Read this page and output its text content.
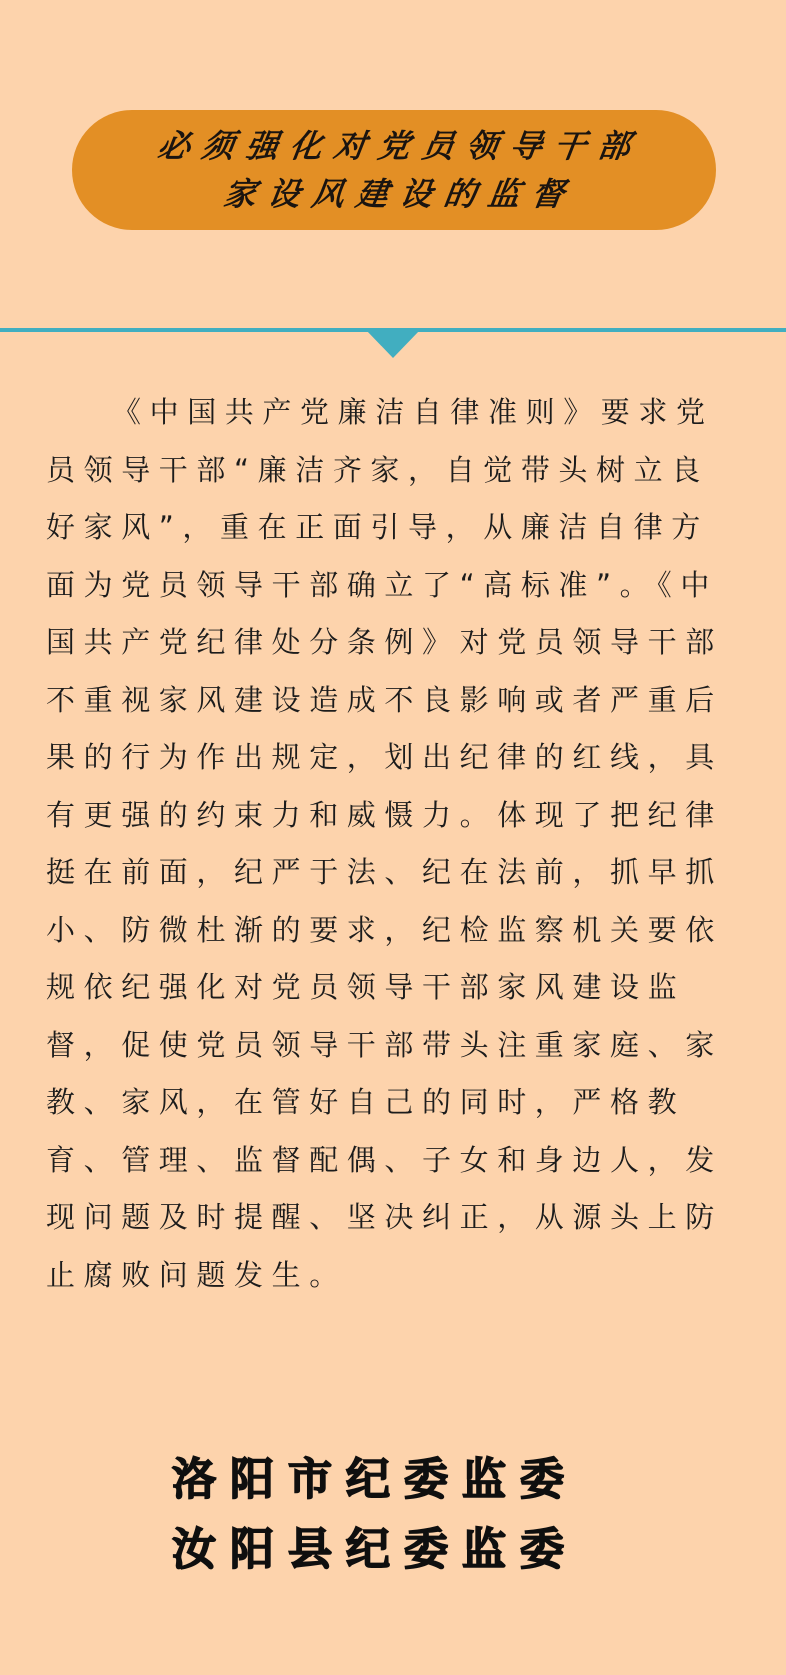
必须强化对党员领导干部
家设风建设的监督

《中国共产党廉洁自律准则》要求党员领导干部“廉洁齐家，自觉带头树立良好家风”，重在正面引导，从廉洁自律方面为党员领导干部确立了“高标准”。《中国共产党纪律处分条例》对党员领导干部不重视家风建设造成不良影响或者严重后果的行为作出规定，划出纪律的红线，具有更强的约束力和威慑力。体现了把纪律挺在前面，纪严于法、纪在法前，抓早抓小、防微杜渐的要求，纪检监察机关要依规依纪强化对党员领导干部家风建设监督，促使党员领导干部带头注重家庭、家教、家风，在管好自己的同时，严格教育、管理、监督配偶、子女和身边人，发现问题及时提醒、坚决纠正，从源头上防止腐败问题发生。

洛阳市纪委监委
汝阳县纪委监委
